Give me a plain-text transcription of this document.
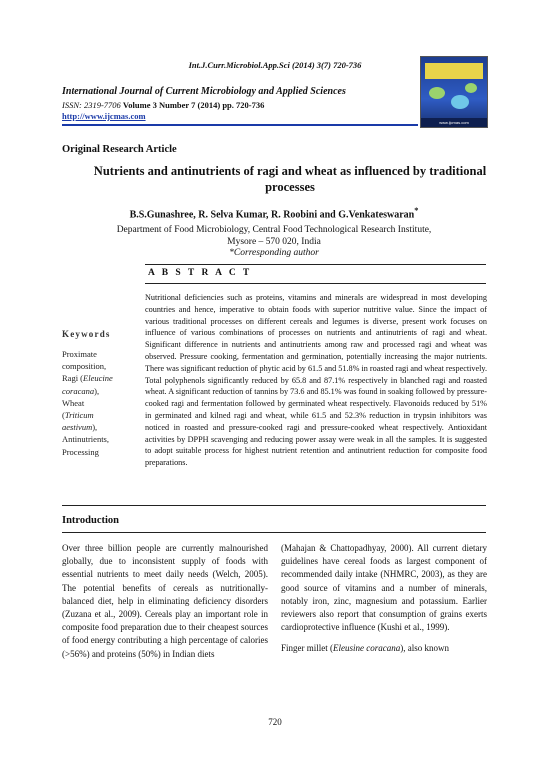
Int.J.Curr.Microbiol.App.Sci (2014) 3(7) 720-736
International Journal of Current Microbiology and Applied Sciences
ISSN: 2319-7706 Volume 3 Number 7 (2014) pp. 720-736
http://www.ijcmas.com
www.ijcmas.com
Original Research Article
Nutrients and antinutrients of ragi and wheat as influenced by traditional processes
B.S.Gunashree, R. Selva Kumar, R. Roobini and G.Venkateswaran*
Department of Food Microbiology, Central Food Technological Research Institute,
Mysore – 570 020, India
*Corresponding author
A B S T R A C T
Keywords
Proximate
composition,
Ragi (Eleucine
coracana),
Wheat
(Triticum
aestivum),
Antinutrients,
Processing
Nutritional deficiencies such as proteins, vitamins and minerals are widespread in most developing countries and hence, imperative to obtain foods with superior nutritive value. Since the impact of various traditional processes on different cereals and legumes is diverse, present work focuses on influence of various combinations of processes on nutrients and antinutrients of ragi and wheat. Significant difference in nutrients and antinutrients among raw and processed ragi and wheat was observed. Pressure cooking, fermentation and germination, potentially increasing the major nutrients. There was significant reduction of phytic acid by 61.5 and 51.8% in roasted ragi and wheat respectively. Total polyphenols significantly reduced by 65.8 and 87.1% respectively in blanched ragi and roasted wheat. A significant reduction of tannins by 73.6 and 85.1% was found in soaking followed by pressure-cooked ragi and fermentation followed by germinated wheat respectively. Flavonoids reduced by 51% in germinated and kilned ragi and wheat, while 61.5 and 52.3% reduction in trypsin inhibitors was noticed in roasted and pressure-cooked ragi and pressure-cooked wheat respectively. Antioxidant activities by DPPH scavenging and reducing power assay were weak in all the samples. It is suggested to adopt suitable process for highest nutrient retention and antinutrient reduction for composite food preparations.
Introduction

Over three billion people are currently malnourished globally, due to inconsistent supply of foods with essential nutrients to meet daily needs (Welch, 2005). The potential benefits of cereals as nutritionally- balanced diet, help in eliminating deficiency disorders (Zuzana et al., 2009). Cereals play an important role in composite food preparation due to their cheapest sources of food energy contributing a high percentage of calories (>56%) and proteins (50%) in Indian diets

(Mahajan & Chattopadhyay, 2000). All current dietary guidelines have cereal foods as largest component of recommended daily intake (NHMRC, 2003), as they are good source of vitamins and a number of minerals, notably iron, zinc, magnesium and potassium. Earlier reviewers also report that consumption of grains exerts cardioprotective influence (Kushi et al., 1999).

Finger millet (Eleusine coracana), also known

720
